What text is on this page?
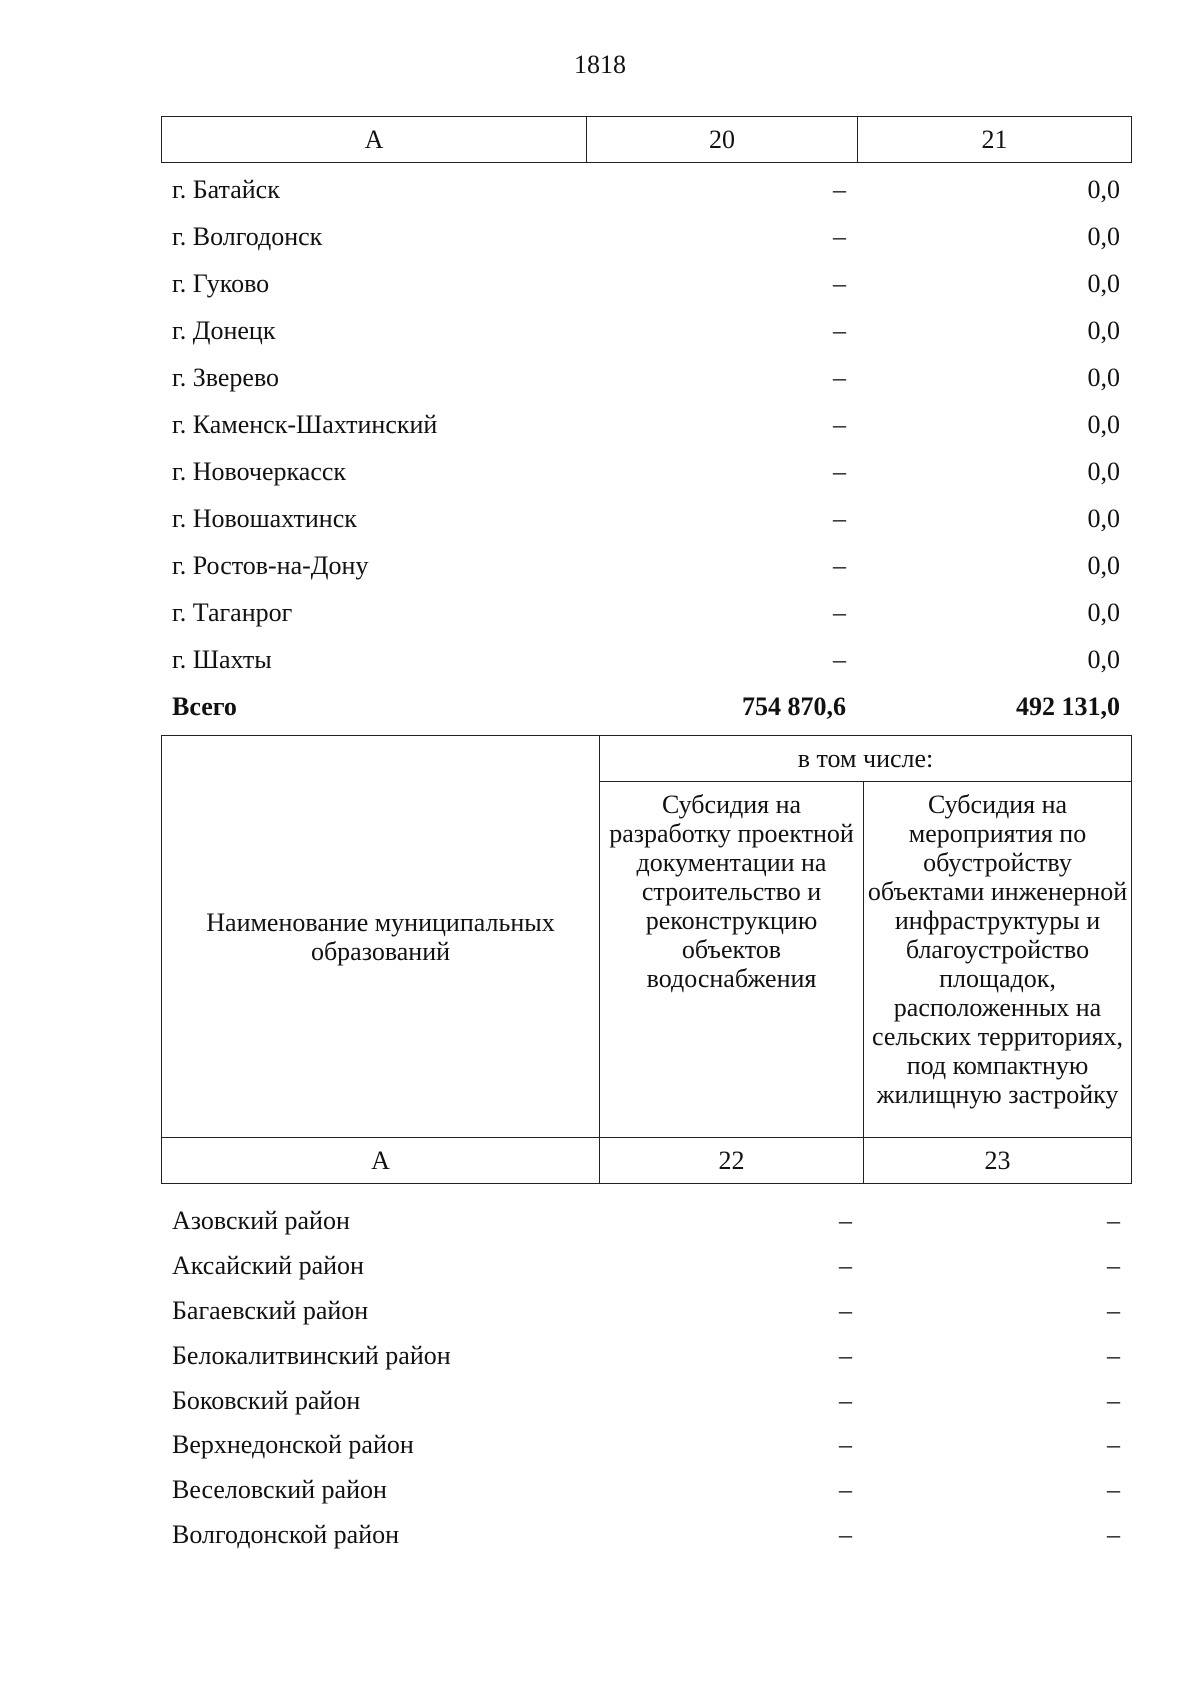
1818
А	20	21
г. Батайск	–	0,0
г. Волгодонск	–	0,0
г. Гуково	–	0,0
г. Донецк	–	0,0
г. Зверево	–	0,0
г. Каменск-Шахтинский	–	0,0
г. Новочеркасск	–	0,0
г. Новошахтинск	–	0,0
г. Ростов-на-Дону	–	0,0
г. Таганрог	–	0,0
г. Шахты	–	0,0
Всего	754 870,6	492 131,0
Наименование муниципальных образований	в том числе:	
	Субсидия на разработку проектной документации на строительство и реконструкцию объектов водоснабжения	Субсидия на мероприятия по обустройству объектами инженерной инфраструктуры и благоустройство площадок, расположенных на сельских территориях, под компактную жилищную застройку
А	22	23
Азовский район	–	–
Аксайский район	–	–
Багаевский район	–	–
Белокалитвинский район	–	–
Боковский район	–	–
Верхнедонской район	–	–
Веселовский район	–	–
Волгодонской район	–	–
